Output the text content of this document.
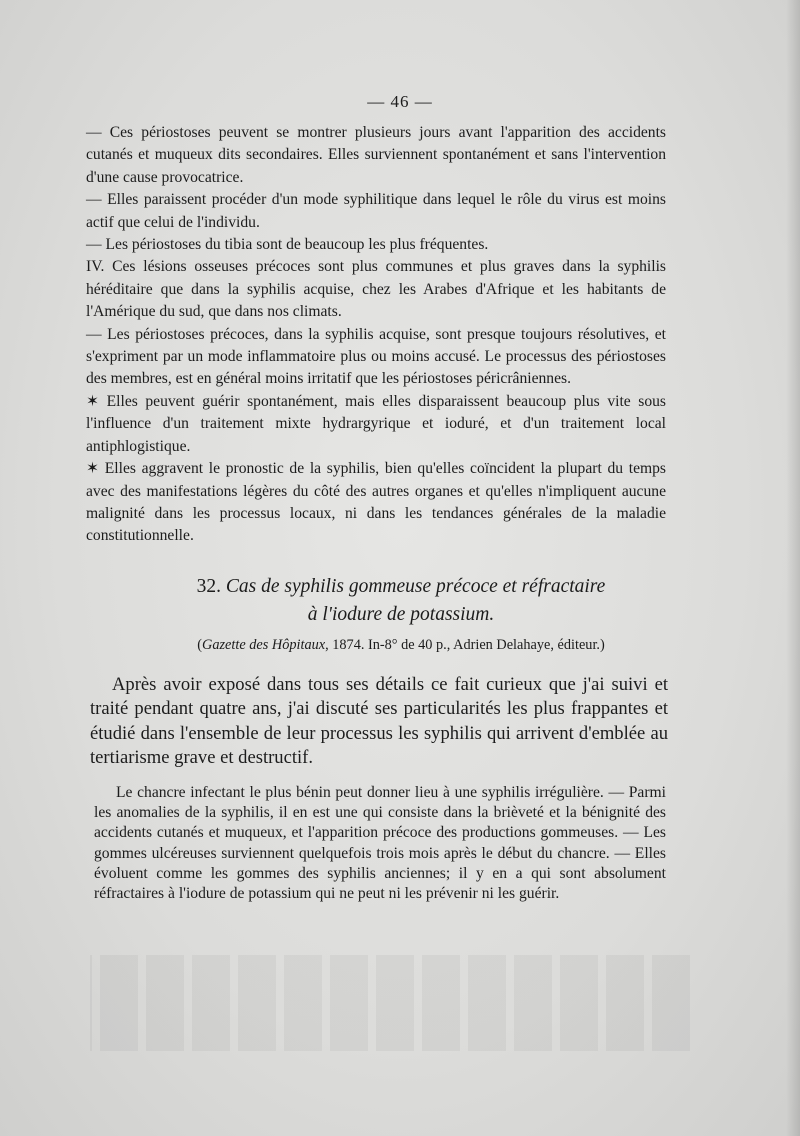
— 46 —

— Ces périostoses peuvent se montrer plusieurs jours avant l'apparition des accidents cutanés et muqueux dits secondaires. Elles surviennent spontanément et sans l'intervention d'une cause provocatrice.

— Elles paraissent procéder d'un mode syphilitique dans lequel le rôle du virus est moins actif que celui de l'individu.

— Les périostoses du tibia sont de beaucoup les plus fréquentes.

IV. Ces lésions osseuses précoces sont plus communes et plus graves dans la syphilis héréditaire que dans la syphilis acquise, chez les Arabes d'Afrique et les habitants de l'Amérique du sud, que dans nos climats.

— Les périostoses précoces, dans la syphilis acquise, sont presque toujours résolutives, et s'expriment par un mode inflammatoire plus ou moins accusé. Le processus des périostoses des membres, est en général moins irritatif que les périostoses péricrâniennes.

✶ Elles peuvent guérir spontanément, mais elles disparaissent beaucoup plus vite sous l'influence d'un traitement mixte hydrargyrique et ioduré, et d'un traitement local antiphlogistique.

✶ Elles aggravent le pronostic de la syphilis, bien qu'elles coïncident la plupart du temps avec des manifestations légères du côté des autres organes et qu'elles n'impliquent aucune malignité dans les processus locaux, ni dans les tendances générales de la maladie constitutionnelle.

32. Cas de syphilis gommeuse précoce et réfractaire
à l'iodure de potassium.
(Gazette des Hôpitaux, 1874. In-8° de 40 p., Adrien Delahaye, éditeur.)

Après avoir exposé dans tous ses détails ce fait curieux que j'ai suivi et traité pendant quatre ans, j'ai discuté ses particularités les plus frappantes et étudié dans l'ensemble de leur processus les syphilis qui arrivent d'emblée au tertiarisme grave et destructif.

Le chancre infectant le plus bénin peut donner lieu à une syphilis irrégulière. — Parmi les anomalies de la syphilis, il en est une qui consiste dans la brièveté et la bénignité des accidents cutanés et muqueux, et l'apparition précoce des productions gommeuses. — Les gommes ulcéreuses surviennent quelquefois trois mois après le début du chancre. — Elles évoluent comme les gommes des syphilis anciennes; il y en a qui sont absolument réfractaires à l'iodure de potassium qui ne peut ni les prévenir ni les guérir.
